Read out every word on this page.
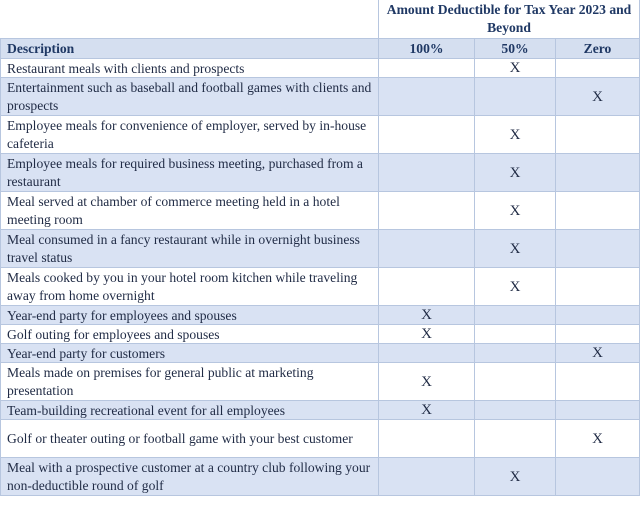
	Amount Deductible for Tax Year 2023 and Beyond		
Description	100%	50%	Zero
Restaurant meals with clients and prospects		X	
Entertainment such as baseball and football games with clients and prospects			X
Employee meals for convenience of employer, served by in-house cafeteria		X	
Employee meals for required business meeting, purchased from a restaurant		X	
Meal served at chamber of commerce meeting held in a hotel meeting room		X	
Meal consumed in a fancy restaurant while in overnight business travel status		X	
Meals cooked by you in your hotel room kitchen while traveling away from home overnight		X	
Year-end party for employees and spouses	X		
Golf outing for employees and spouses	X		
Year-end party for customers			X
Meals made on premises for general public at marketing presentation	X		
Team-building recreational event for all employees	X		
Golf or theater outing or football game with your best customer			X
Meal with a prospective customer at a country club following your non-deductible round of golf		X	
